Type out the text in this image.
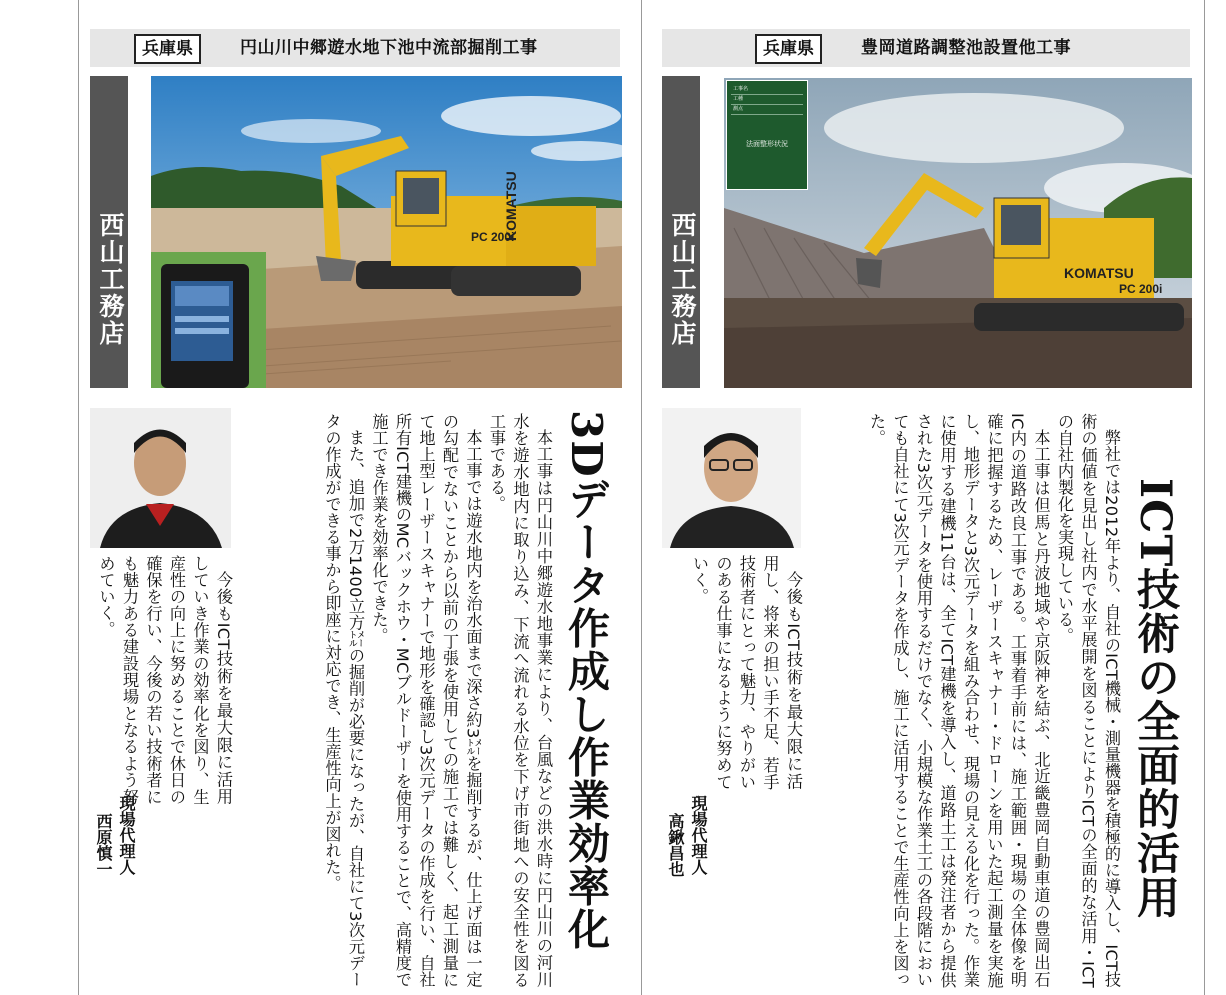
兵庫県	円山川中郷遊水地下池中流部掘削工事
西山工務店
KOMATSU
PC 200i
3Dデータ作成し作業効率化

本工事は円山川中郷遊水地事業により、台風などの洪水時に円山川の河川水を遊水地内に取り込み、下流へ流れる水位を下げ市街地への安全性を図る工事である。

本工事では遊水地内を治水面まで深さ約3㍍を掘削するが、仕上げ面は一定の勾配でないことから以前の丁張を使用しての施工では難しく、起工測量にて地上型レーザースキャナーで地形を確認し3次元データの作成を行い、自社所有ICT建機のMCバックホウ・MCブルドーザーを使用することで、高精度で施工でき作業を効率化できた。

また、追加で2万1400立方㍍の掘削が必要になったが、自社にて3次元データの作成ができる事から即座に対応でき、生産性向上が図れた。

今後もICT技術を最大限に活用していき作業の効率化を図り、生産性の向上に努めることで休日の確保を行い、今後の若い技術者にも魅力ある建設現場となるよう努めていく。

現場代理人
西原慎一
兵庫県	豊岡道路調整池設置他工事
西山工務店	KOMATSU
PC 200i
工事名
工種
測点
法面整形状況
ICT技術の全面的活用

弊社では2012年より、自社のICT機械・測量機器を積極的に導入し、ICT技術の価値を見出し社内で水平展開を図ることによりICTの全面的な活用・ICTの自社内製化を実現している。

本工事は但馬と丹波地域や京阪神を結ぶ、北近畿豊岡自動車道の豊岡出石IC内の道路改良工事である。工事着手前には、施工範囲・現場の全体像を明確に把握するため、レーザースキャナー・ドローンを用いた起工測量を実施し、地形データと3次元データを組み合わせ、現場の見える化を行った。作業に使用する建機11台は、全てICT建機を導入し、道路土工は発注者から提供された3次元データを使用するだけでなく、小規模な作業土工の各段階においても自社にて3次元データを作成し、施工に活用することで生産性向上を図った。

今後もICT技術を最大限に活用し、将来の担い手不足、若手技術者にとって魅力、やりがいのある仕事になるように努めていく。

現場代理人
高鍬昌也
